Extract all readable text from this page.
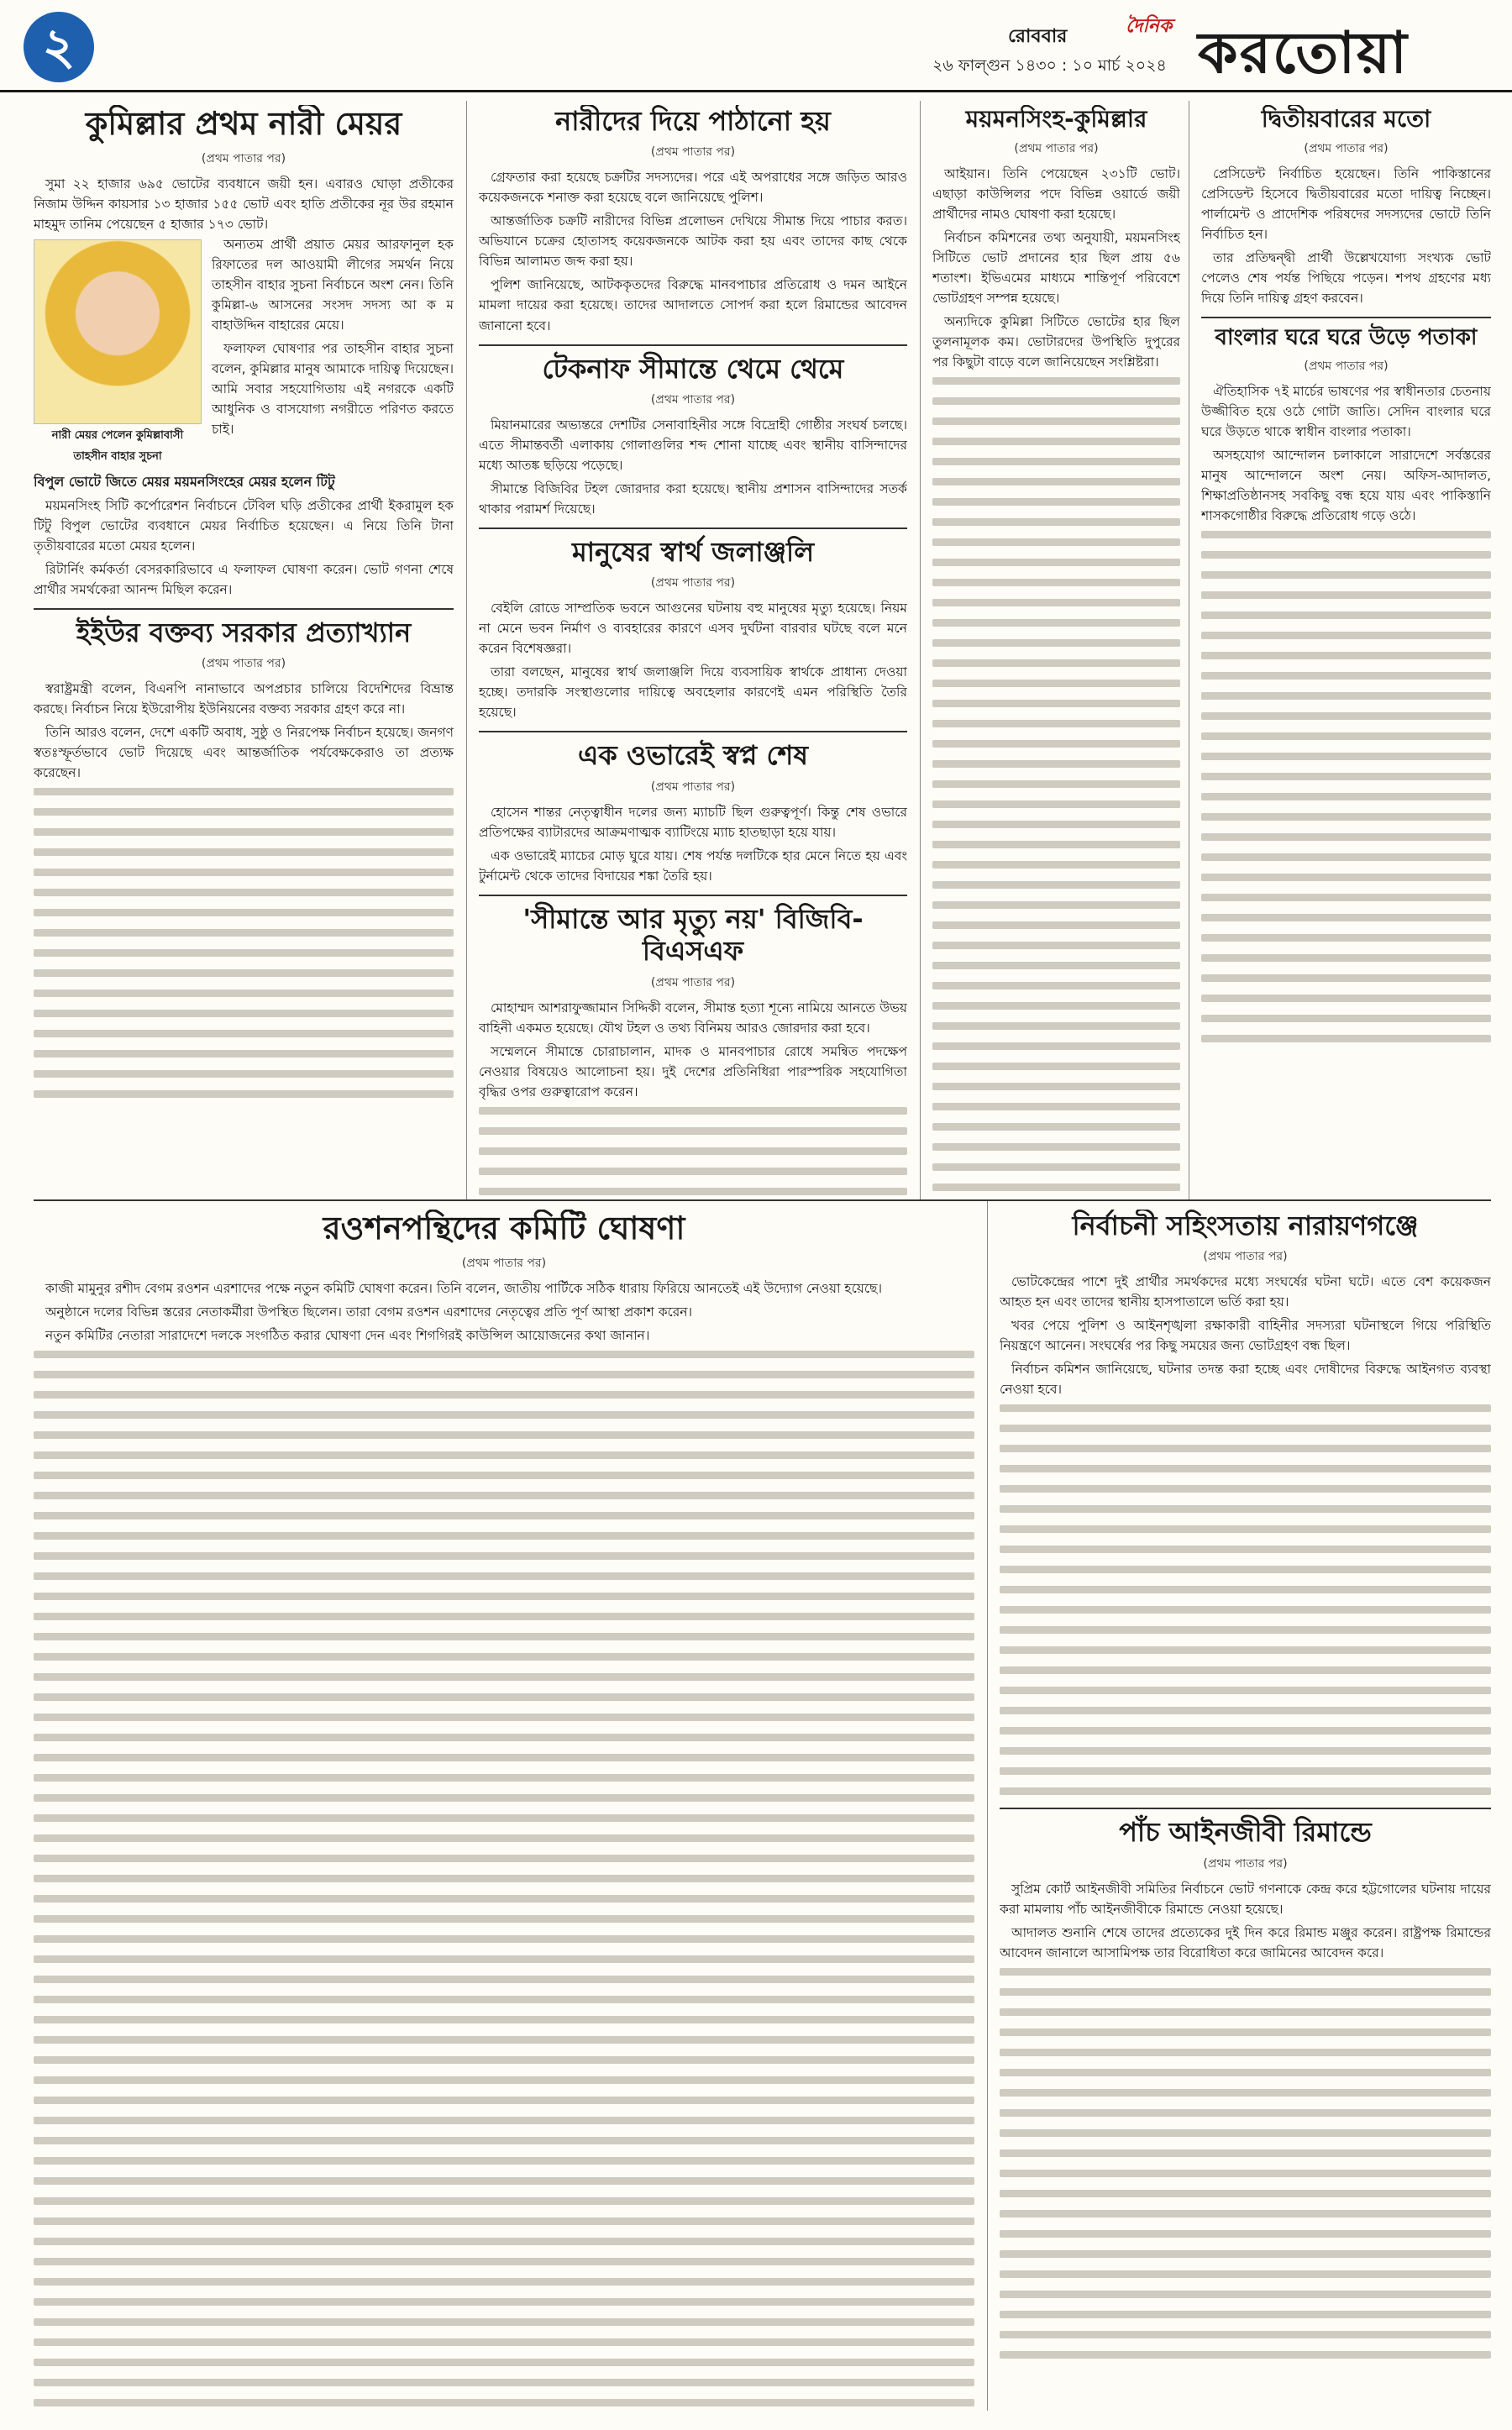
২	রোববার
২৬ ফাল্গুন ১৪৩০ : ১০ মার্চ ২০২৪
দৈনিক করতোয়া
কুমিল্লার প্রথম নারী মেয়র
(প্রথম পাতার পর)
সুমা ২২ হাজার ৬৯৫ ভোটের ব্যবধানে জয়ী হন। এবারও ঘোড়া প্রতীকের নিজাম উদ্দিন কায়সার ১৩ হাজার ১৫৫ ভোট এবং হাতি প্রতীকের নূর উর রহমান মাহমুদ তানিম পেয়েছেন ৫ হাজার ১৭৩ ভোট।
নারী মেয়র পেলেন কুমিল্লাবাসী
তাহসীন বাহার সুচনা
অন্যতম প্রার্থী প্রয়াত মেয়র আরফানুল হক রিফাতের দল আওয়ামী লীগের সমর্থন নিয়ে তাহসীন বাহার সুচনা নির্বাচনে অংশ নেন। তিনি কুমিল্লা-৬ আসনের সংসদ সদস্য আ ক ম বাহাউদ্দিন বাহারের মেয়ে।
ফলাফল ঘোষণার পর তাহসীন বাহার সুচনা বলেন, কুমিল্লার মানুষ আমাকে দায়িত্ব দিয়েছেন। আমি সবার সহযোগিতায় এই নগরকে একটি আধুনিক ও বাসযোগ্য নগরীতে পরিণত করতে চাই।
বিপুল ভোটে জিতে মেয়র ময়মনসিংহের মেয়র হলেন টিটু
ময়মনসিংহ সিটি কর্পোরেশন নির্বাচনে টেবিল ঘড়ি প্রতীকের প্রার্থী ইকরামুল হক টিটু বিপুল ভোটের ব্যবধানে মেয়র নির্বাচিত হয়েছেন। এ নিয়ে তিনি টানা তৃতীয়বারের মতো মেয়র হলেন।
রিটার্নিং কর্মকর্তা বেসরকারিভাবে এ ফলাফল ঘোষণা করেন। ভোট গণনা শেষে প্রার্থীর সমর্থকেরা আনন্দ মিছিল করেন।
ইইউর বক্তব্য সরকার প্রত্যাখ্যান
(প্রথম পাতার পর)
স্বরাষ্ট্রমন্ত্রী বলেন, বিএনপি নানাভাবে অপপ্রচার চালিয়ে বিদেশিদের বিভ্রান্ত করছে। নির্বাচন নিয়ে ইউরোপীয় ইউনিয়নের বক্তব্য সরকার গ্রহণ করে না।
তিনি আরও বলেন, দেশে একটি অবাধ, সুষ্ঠু ও নিরপেক্ষ নির্বাচন হয়েছে। জনগণ স্বতঃস্ফূর্তভাবে ভোট দিয়েছে এবং আন্তর্জাতিক পর্যবেক্ষকেরাও তা প্রত্যক্ষ করেছেন।
নারীদের দিয়ে পাঠানো হয়
(প্রথম পাতার পর)
গ্রেফতার করা হয়েছে চক্রটির সদস্যদের। পরে এই অপরাধের সঙ্গে জড়িত আরও কয়েকজনকে শনাক্ত করা হয়েছে বলে জানিয়েছে পুলিশ।
আন্তর্জাতিক চক্রটি নারীদের বিভিন্ন প্রলোভন দেখিয়ে সীমান্ত দিয়ে পাচার করত। অভিযানে চক্রের হোতাসহ কয়েকজনকে আটক করা হয় এবং তাদের কাছ থেকে বিভিন্ন আলামত জব্দ করা হয়।
পুলিশ জানিয়েছে, আটককৃতদের বিরুদ্ধে মানবপাচার প্রতিরোধ ও দমন আইনে মামলা দায়ের করা হয়েছে। তাদের আদালতে সোপর্দ করা হলে রিমান্ডের আবেদন জানানো হবে।
টেকনাফ সীমান্তে থেমে থেমে
(প্রথম পাতার পর)
মিয়ানমারের অভ্যন্তরে দেশটির সেনাবাহিনীর সঙ্গে বিদ্রোহী গোষ্ঠীর সংঘর্ষ চলছে। এতে সীমান্তবর্তী এলাকায় গোলাগুলির শব্দ শোনা যাচ্ছে এবং স্থানীয় বাসিন্দাদের মধ্যে আতঙ্ক ছড়িয়ে পড়েছে।
সীমান্তে বিজিবির টহল জোরদার করা হয়েছে। স্থানীয় প্রশাসন বাসিন্দাদের সতর্ক থাকার পরামর্শ দিয়েছে।
মানুষের স্বার্থ জলাঞ্জলি
(প্রথম পাতার পর)
বেইলি রোডে সাম্প্রতিক ভবনে আগুনের ঘটনায় বহু মানুষের মৃত্যু হয়েছে। নিয়ম না মেনে ভবন নির্মাণ ও ব্যবহারের কারণে এসব দুর্ঘটনা বারবার ঘটছে বলে মনে করেন বিশেষজ্ঞরা।
তারা বলছেন, মানুষের স্বার্থ জলাঞ্জলি দিয়ে ব্যবসায়িক স্বার্থকে প্রাধান্য দেওয়া হচ্ছে। তদারকি সংস্থাগুলোর দায়িত্বে অবহেলার কারণেই এমন পরিস্থিতি তৈরি হয়েছে।
এক ওভারেই স্বপ্ন শেষ
(প্রথম পাতার পর)
হোসেন শান্তর নেতৃত্বাধীন দলের জন্য ম্যাচটি ছিল গুরুত্বপূর্ণ। কিন্তু শেষ ওভারে প্রতিপক্ষের ব্যাটারদের আক্রমণাত্মক ব্যাটিংয়ে ম্যাচ হাতছাড়া হয়ে যায়।
এক ওভারেই ম্যাচের মোড় ঘুরে যায়। শেষ পর্যন্ত দলটিকে হার মেনে নিতে হয় এবং টুর্নামেন্ট থেকে তাদের বিদায়ের শঙ্কা তৈরি হয়।
'সীমান্তে আর মৃত্যু নয়' বিজিবি-বিএসএফ
(প্রথম পাতার পর)
মোহাম্মদ আশরাফুজ্জামান সিদ্দিকী বলেন, সীমান্ত হত্যা শূন্যে নামিয়ে আনতে উভয় বাহিনী একমত হয়েছে। যৌথ টহল ও তথ্য বিনিময় আরও জোরদার করা হবে।
সম্মেলনে সীমান্তে চোরাচালান, মাদক ও মানবপাচার রোধে সমন্বিত পদক্ষেপ নেওয়ার বিষয়েও আলোচনা হয়। দুই দেশের প্রতিনিধিরা পারস্পরিক সহযোগিতা বৃদ্ধির ওপর গুরুত্বারোপ করেন।
ময়মনসিংহ-কুমিল্লার
(প্রথম পাতার পর)
আইয়ান। তিনি পেয়েছেন ২৩১টি ভোট। এছাড়া কাউন্সিলর পদে বিভিন্ন ওয়ার্ডে জয়ী প্রার্থীদের নামও ঘোষণা করা হয়েছে।
নির্বাচন কমিশনের তথ্য অনুযায়ী, ময়মনসিংহ সিটিতে ভোট প্রদানের হার ছিল প্রায় ৫৬ শতাংশ। ইভিএমের মাধ্যমে শান্তিপূর্ণ পরিবেশে ভোটগ্রহণ সম্পন্ন হয়েছে।
অন্যদিকে কুমিল্লা সিটিতে ভোটের হার ছিল তুলনামূলক কম। ভোটারদের উপস্থিতি দুপুরের পর কিছুটা বাড়ে বলে জানিয়েছেন সংশ্লিষ্টরা।
দ্বিতীয়বারের মতো
(প্রথম পাতার পর)
প্রেসিডেন্ট নির্বাচিত হয়েছেন। তিনি পাকিস্তানের প্রেসিডেন্ট হিসেবে দ্বিতীয়বারের মতো দায়িত্ব নিচ্ছেন। পার্লামেন্ট ও প্রাদেশিক পরিষদের সদস্যদের ভোটে তিনি নির্বাচিত হন।
তার প্রতিদ্বন্দ্বী প্রার্থী উল্লেখযোগ্য সংখ্যক ভোট পেলেও শেষ পর্যন্ত পিছিয়ে পড়েন। শপথ গ্রহণের মধ্য দিয়ে তিনি দায়িত্ব গ্রহণ করবেন।
বাংলার ঘরে ঘরে উড়ে পতাকা
(প্রথম পাতার পর)
ঐতিহাসিক ৭ই মার্চের ভাষণের পর স্বাধীনতার চেতনায় উজ্জীবিত হয়ে ওঠে গোটা জাতি। সেদিন বাংলার ঘরে ঘরে উড়তে থাকে স্বাধীন বাংলার পতাকা।
অসহযোগ আন্দোলন চলাকালে সারাদেশে সর্বস্তরের মানুষ আন্দোলনে অংশ নেয়। অফিস-আদালত, শিক্ষাপ্রতিষ্ঠানসহ সবকিছু বন্ধ হয়ে যায় এবং পাকিস্তানি শাসকগোষ্ঠীর বিরুদ্ধে প্রতিরোধ গড়ে ওঠে।
রওশনপন্থিদের কমিটি ঘোষণা
(প্রথম পাতার পর)
কাজী মামুনুর রশীদ বেগম রওশন এরশাদের পক্ষে নতুন কমিটি ঘোষণা করেন। তিনি বলেন, জাতীয় পার্টিকে সঠিক ধারায় ফিরিয়ে আনতেই এই উদ্যোগ নেওয়া হয়েছে।
অনুষ্ঠানে দলের বিভিন্ন স্তরের নেতাকর্মীরা উপস্থিত ছিলেন। তারা বেগম রওশন এরশাদের নেতৃত্বের প্রতি পূর্ণ আস্থা প্রকাশ করেন।
নতুন কমিটির নেতারা সারাদেশে দলকে সংগঠিত করার ঘোষণা দেন এবং শিগগিরই কাউন্সিল আয়োজনের কথা জানান।
নির্বাচনী সহিংসতায় নারায়ণগঞ্জে
(প্রথম পাতার পর)
ভোটকেন্দ্রের পাশে দুই প্রার্থীর সমর্থকদের মধ্যে সংঘর্ষের ঘটনা ঘটে। এতে বেশ কয়েকজন আহত হন এবং তাদের স্থানীয় হাসপাতালে ভর্তি করা হয়।
খবর পেয়ে পুলিশ ও আইনশৃঙ্খলা রক্ষাকারী বাহিনীর সদস্যরা ঘটনাস্থলে গিয়ে পরিস্থিতি নিয়ন্ত্রণে আনেন। সংঘর্ষের পর কিছু সময়ের জন্য ভোটগ্রহণ বন্ধ ছিল।
নির্বাচন কমিশন জানিয়েছে, ঘটনার তদন্ত করা হচ্ছে এবং দোষীদের বিরুদ্ধে আইনগত ব্যবস্থা নেওয়া হবে।
পাঁচ আইনজীবী রিমান্ডে
(প্রথম পাতার পর)
সুপ্রিম কোর্ট আইনজীবী সমিতির নির্বাচনে ভোট গণনাকে কেন্দ্র করে হট্টগোলের ঘটনায় দায়ের করা মামলায় পাঁচ আইনজীবীকে রিমান্ডে নেওয়া হয়েছে।
আদালত শুনানি শেষে তাদের প্রত্যেকের দুই দিন করে রিমান্ড মঞ্জুর করেন। রাষ্ট্রপক্ষ রিমান্ডের আবেদন জানালে আসামিপক্ষ তার বিরোধিতা করে জামিনের আবেদন করে।
